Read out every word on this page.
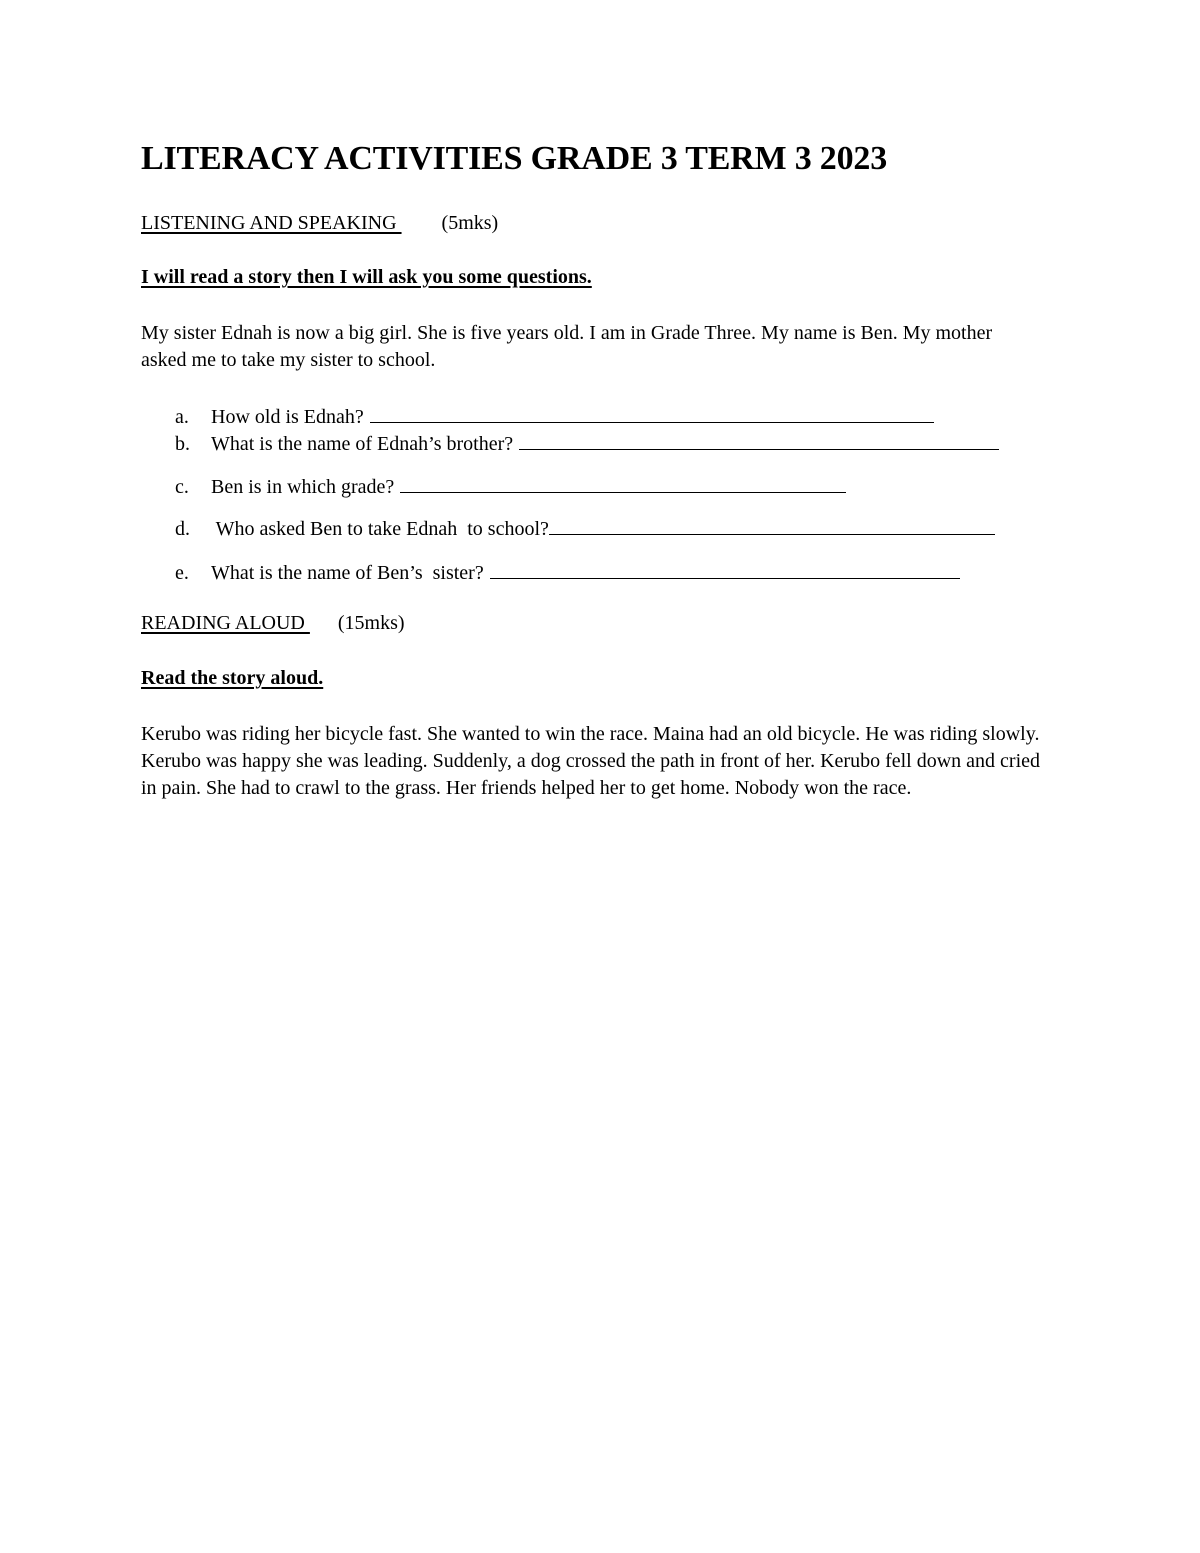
LITERACY ACTIVITIES GRADE 3 TERM 3 2023
LISTENING AND SPEAKING (5mks)
I will read a story then I will ask you some questions.

My sister Ednah is now a big girl. She is five years old. I am in Grade Three. My name is Ben. My mother asked me to take my sister to school.

a.	How old is Ednah?
b.	What is the name of Ednah’s brother?
c.	Ben is in which grade?
d.	Who asked Ben to take Ednah  to school?
e.	What is the name of Ben’s  sister?
READING ALOUD (15mks)
Read the story aloud.

Kerubo was riding her bicycle fast. She wanted to win the race. Maina had an old bicycle. He was riding slowly. Kerubo was happy she was leading. Suddenly, a dog crossed the path in front of her. Kerubo fell down and cried in pain. She had to crawl to the grass. Her friends helped her to get home. Nobody won the race.
